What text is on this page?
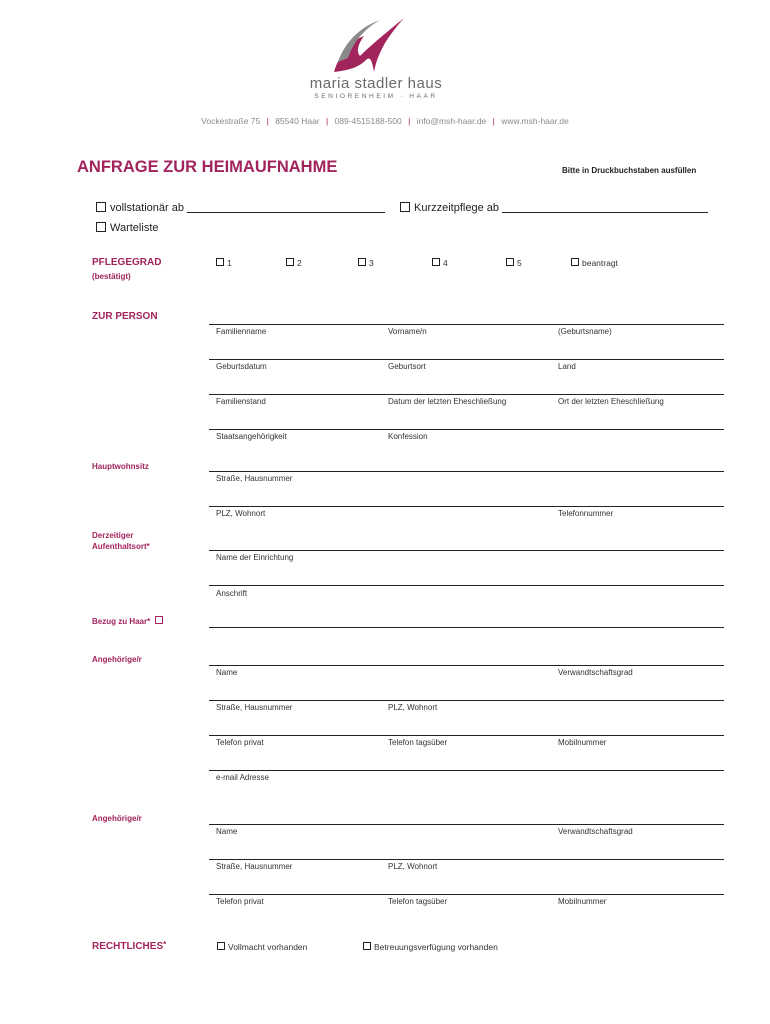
maria stadler haus
SENIORENHEIM · HAAR
Vockestraße 75 | 85540 Haar | 089-4515188-500 | info@msh-haar.de | www.msh-haar.de
ANFRAGE ZUR HEIMAUFNAHME	Bitte in Druckbuchstaben ausfüllen
vollstationär ab	Kurzzeitpflege ab
Warteliste
PFLEGEGRAD
(bestätigt)
1	2	3	4	5	beantragt
ZUR PERSON
Familienname	Vorname/n	(Geburtsname)
Geburtsdatum	Geburtsort	Land
Familienstand	Datum der letzten Eheschließung	Ort der letzten Eheschließung
Staatsangehörigkeit	Konfession
Hauptwohnsitz
Straße, Hausnummer
PLZ, Wohnort	Telefonnummer
Derzeitiger
Aufenthaltsort*
Name der Einrichtung
Anschrift
Bezug zu Haar*
Angehörige/r
Name	Verwandtschaftsgrad
Straße, Hausnummer	PLZ, Wohnort
Telefon privat	Telefon tagsüber	Mobilnummer
e-mail Adresse
Angehörige/r
Name	Verwandtschaftsgrad
Straße, Hausnummer	PLZ, Wohnort
Telefon privat	Telefon tagsüber	Mobilnummer
RECHTLICHES*	Vollmacht vorhanden	Betreuungsverfügung vorhanden
